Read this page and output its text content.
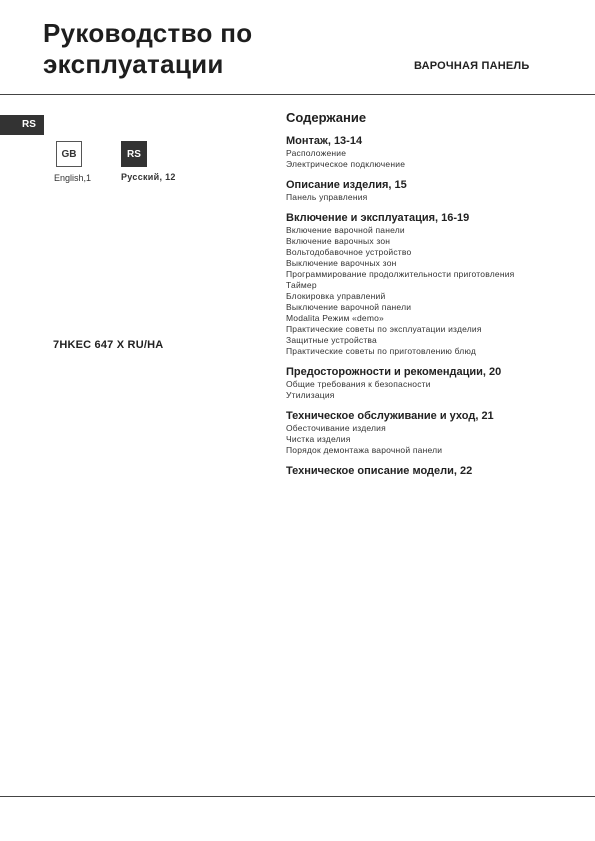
Руководство по
эксплуатации	ВАРОЧНАЯ ПАНЕЛЬ
RS
GB
English,1
RS
Русский, 12
7HKEC 647 X RU/HA
Содержание
Монтаж, 13-14
Расположение
Электрическое подключение
Описание изделия, 15
Панель управления
Включение и эксплуатация, 16-19
Включение варочной панели
Включение варочных зон
Вольтодобавочное устройство
Выключение варочных зон
Программирование продолжительности приготовления
Таймер
Блокировка управлений
Выключение варочной панели
Modalita Режим «demo»
Практические советы по эксплуатации изделия
Защитные устройства
Практические советы по приготовлению блюд
Предосторожности и рекомендации, 20
Общие требования к безопасности
Утилизация
Техническое обслуживание и уход, 21
Обесточивание изделия
Чистка изделия
Порядок демонтажа варочной панели
Техническое описание модели, 22
